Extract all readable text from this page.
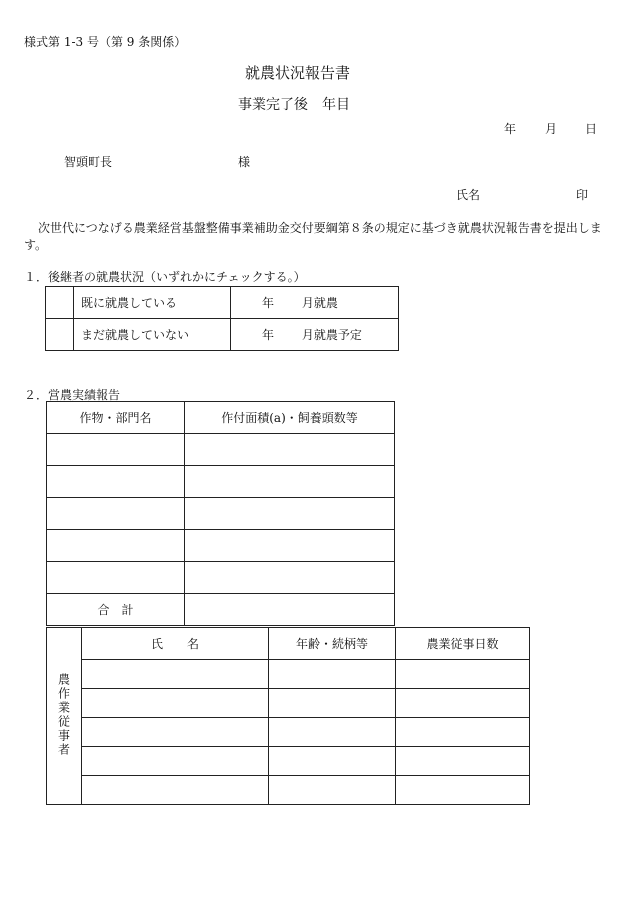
様式第 1-3 号（第 9 条関係）
就農状況報告書
事業完了後　年目
年 月 日
智頭町長	様
氏名	印
次世代につなげる農業経営基盤整備事業補助金交付要綱第８条の規定に基づき就農状況報告書を提出します。
１．後継者の就農状況（いずれかにチェックする。）
	既に就農している	年 月就農
	まだ就農していない	年 月就農予定
２．営農実績報告
作物・部門名	作付面積(a)・飼養頭数等

合　計	
農作業従事者	氏　　名	年齢・続柄等	農業従事日数
